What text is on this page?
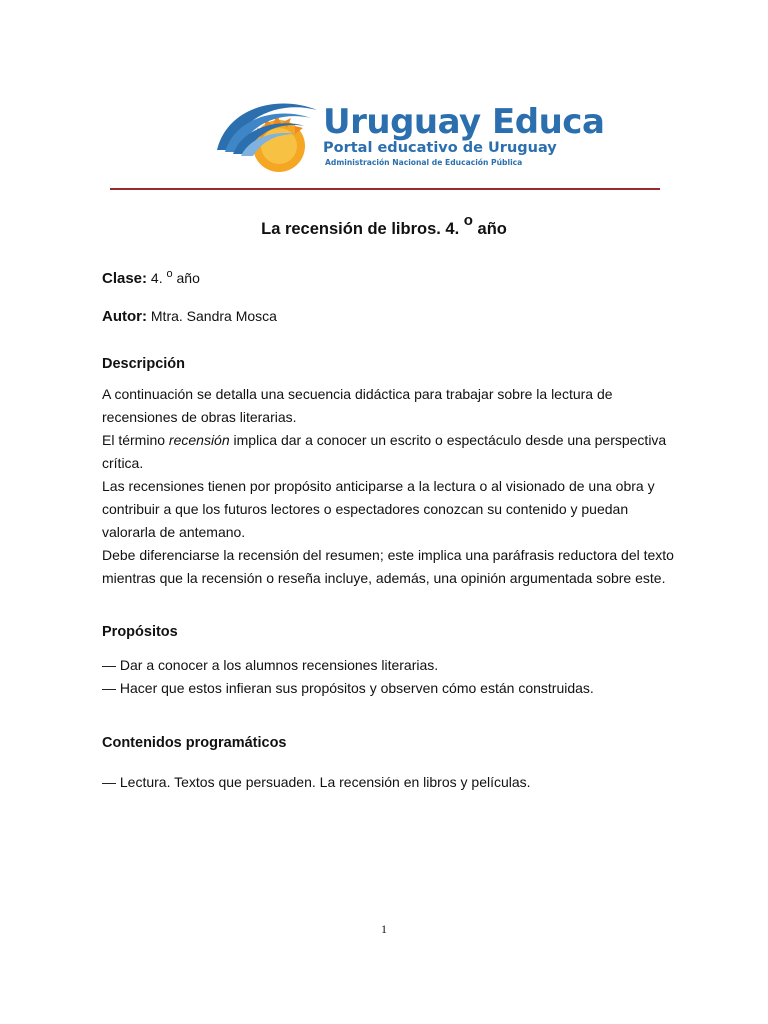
Uruguay Educa
Portal educativo de Uruguay
Administración Nacional de Educación Pública
La recensión de libros. 4. $^o$ año
Clase: 4. $^o$ año
Autor: Mtra. Sandra Mosca
Descripción
A continuación se detalla una secuencia didáctica para trabajar sobre la lectura de
recensiones de obras literarias.
El término recensión implica dar a conocer un escrito o espectáculo desde una perspectiva
crítica.
Las recensiones tienen por propósito anticiparse a la lectura o al visionado de una obra y
contribuir a que los futuros lectores o espectadores conozcan su contenido y puedan
valorarla de antemano.
Debe diferenciarse la recensión del resumen; este implica una paráfrasis reductora del texto
mientras que la recensión o reseña incluye, además, una opinión argumentada sobre este.
Propósitos
— Dar a conocer a los alumnos recensiones literarias.
— Hacer que estos infieran sus propósitos y observen cómo están construidas.
Contenidos programáticos
— Lectura. Textos que persuaden. La recensión en libros y películas.
1
